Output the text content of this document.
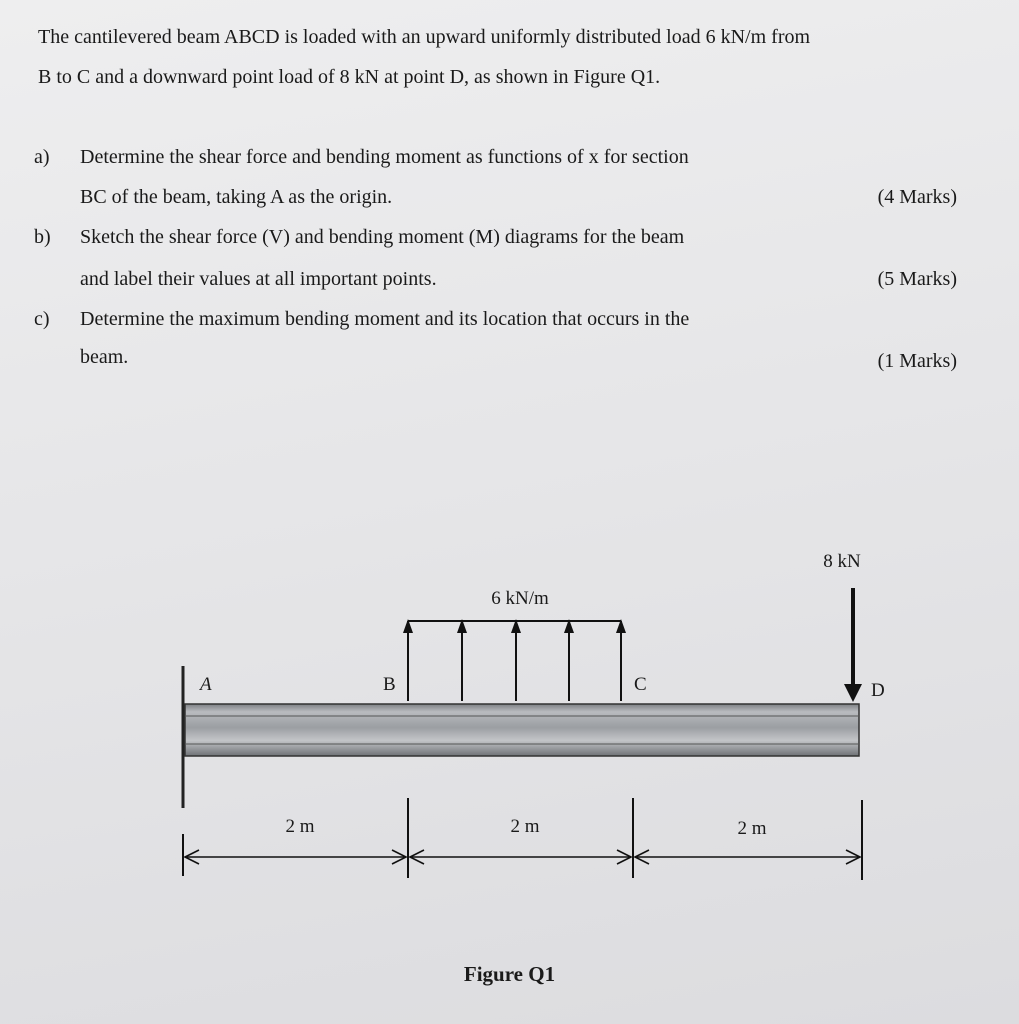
The cantilevered beam ABCD is loaded with an upward uniformly distributed load 6 kN/m from
B to C and a downward point load of 8 kN at point D, as shown in Figure Q1.
a) Determine the shear force and bending moment as functions of x for section
BC of the beam, taking A as the origin.	(4 Marks)
b) Sketch the shear force (V) and bending moment (M) diagrams for the beam
and label their values at all important points.	(5 Marks)
c) Determine the maximum bending moment and its location that occurs in the
beam.	(1 Marks)
6 kN/m
8 kN
A	B	C	D
2 m	2 m	2 m
Figure Q1
